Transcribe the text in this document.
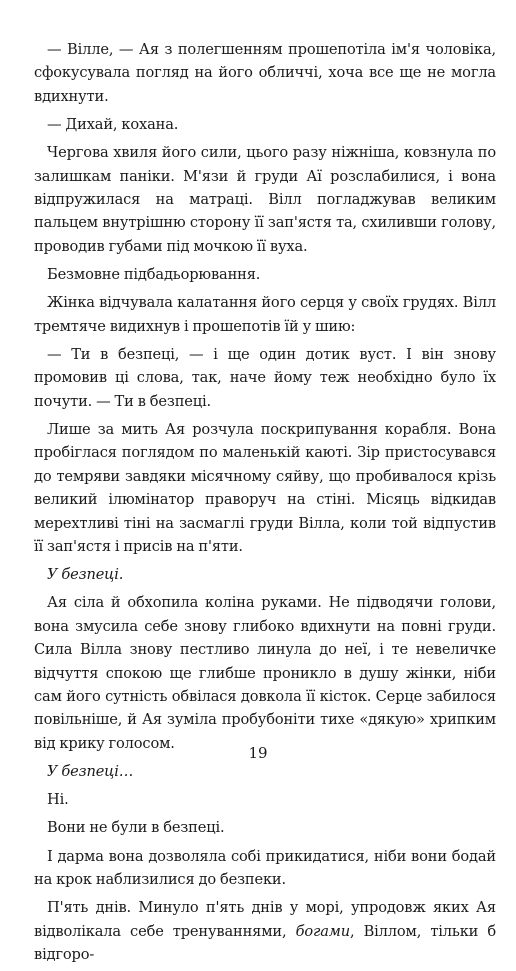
— Вілле, — Ая з полегшенням прошепотіла ім'я чоловіка, сфокусувала погляд на його обличчі, хоча все ще не могла вдихнути.

— Дихай, кохана.

Чергова хвиля його сили, цього разу ніжніша, ковзнула по залишкам паніки. М'язи й груди Аї розслабилися, і вона відпружилася на матраці. Вілл погладжував великим пальцем внутрішню сторону її зап'ястя та, схиливши голову, проводив губами під мочкою її вуха.

Безмовне підбадьорювання.

Жінка відчувала калатання його серця у своїх грудях. Вілл тремтяче видихнув і прошепотів їй у шию:

— Ти в безпеці, — і ще один дотик вуст. І він знову промовив ці слова, так, наче йому теж необхідно було їх почути. — Ти в безпеці.

Лише за мить Ая розчула поскрипування корабля. Вона пробіглася поглядом по маленькій каюті. Зір пристосувався до темряви завдяки місячному сяйву, що пробивалося крізь великий ілюмінатор праворуч на стіні. Місяць відкидав мерехтливі тіні на засмаглі груди Вілла, коли той відпустив її зап'ястя і присів на п'яти.

У безпеці.

Ая сіла й обхопила коліна руками. Не підводячи голови, вона змусила себе знову глибоко вдихнути на повні груди. Сила Вілла знову пестливо линула до неї, і те невеличке відчуття спокою ще глибше проникло в душу жінки, ніби сам його сутність обвілася довкола її кісток. Серце забилося повільніше, й Ая зуміла пробубоніти тихе «дякую» хрипким від крику голосом.

У безпеці…

Ні.

Вони не були в безпеці.

І дарма вона дозволяла собі прикидатися, ніби вони бодай на крок наблизилися до безпеки.

П'ять днів. Минуло п'ять днів у морі, упродовж яких Ая відволікала себе тренуваннями, богами, Віллом, тільки б відгоро-

19
